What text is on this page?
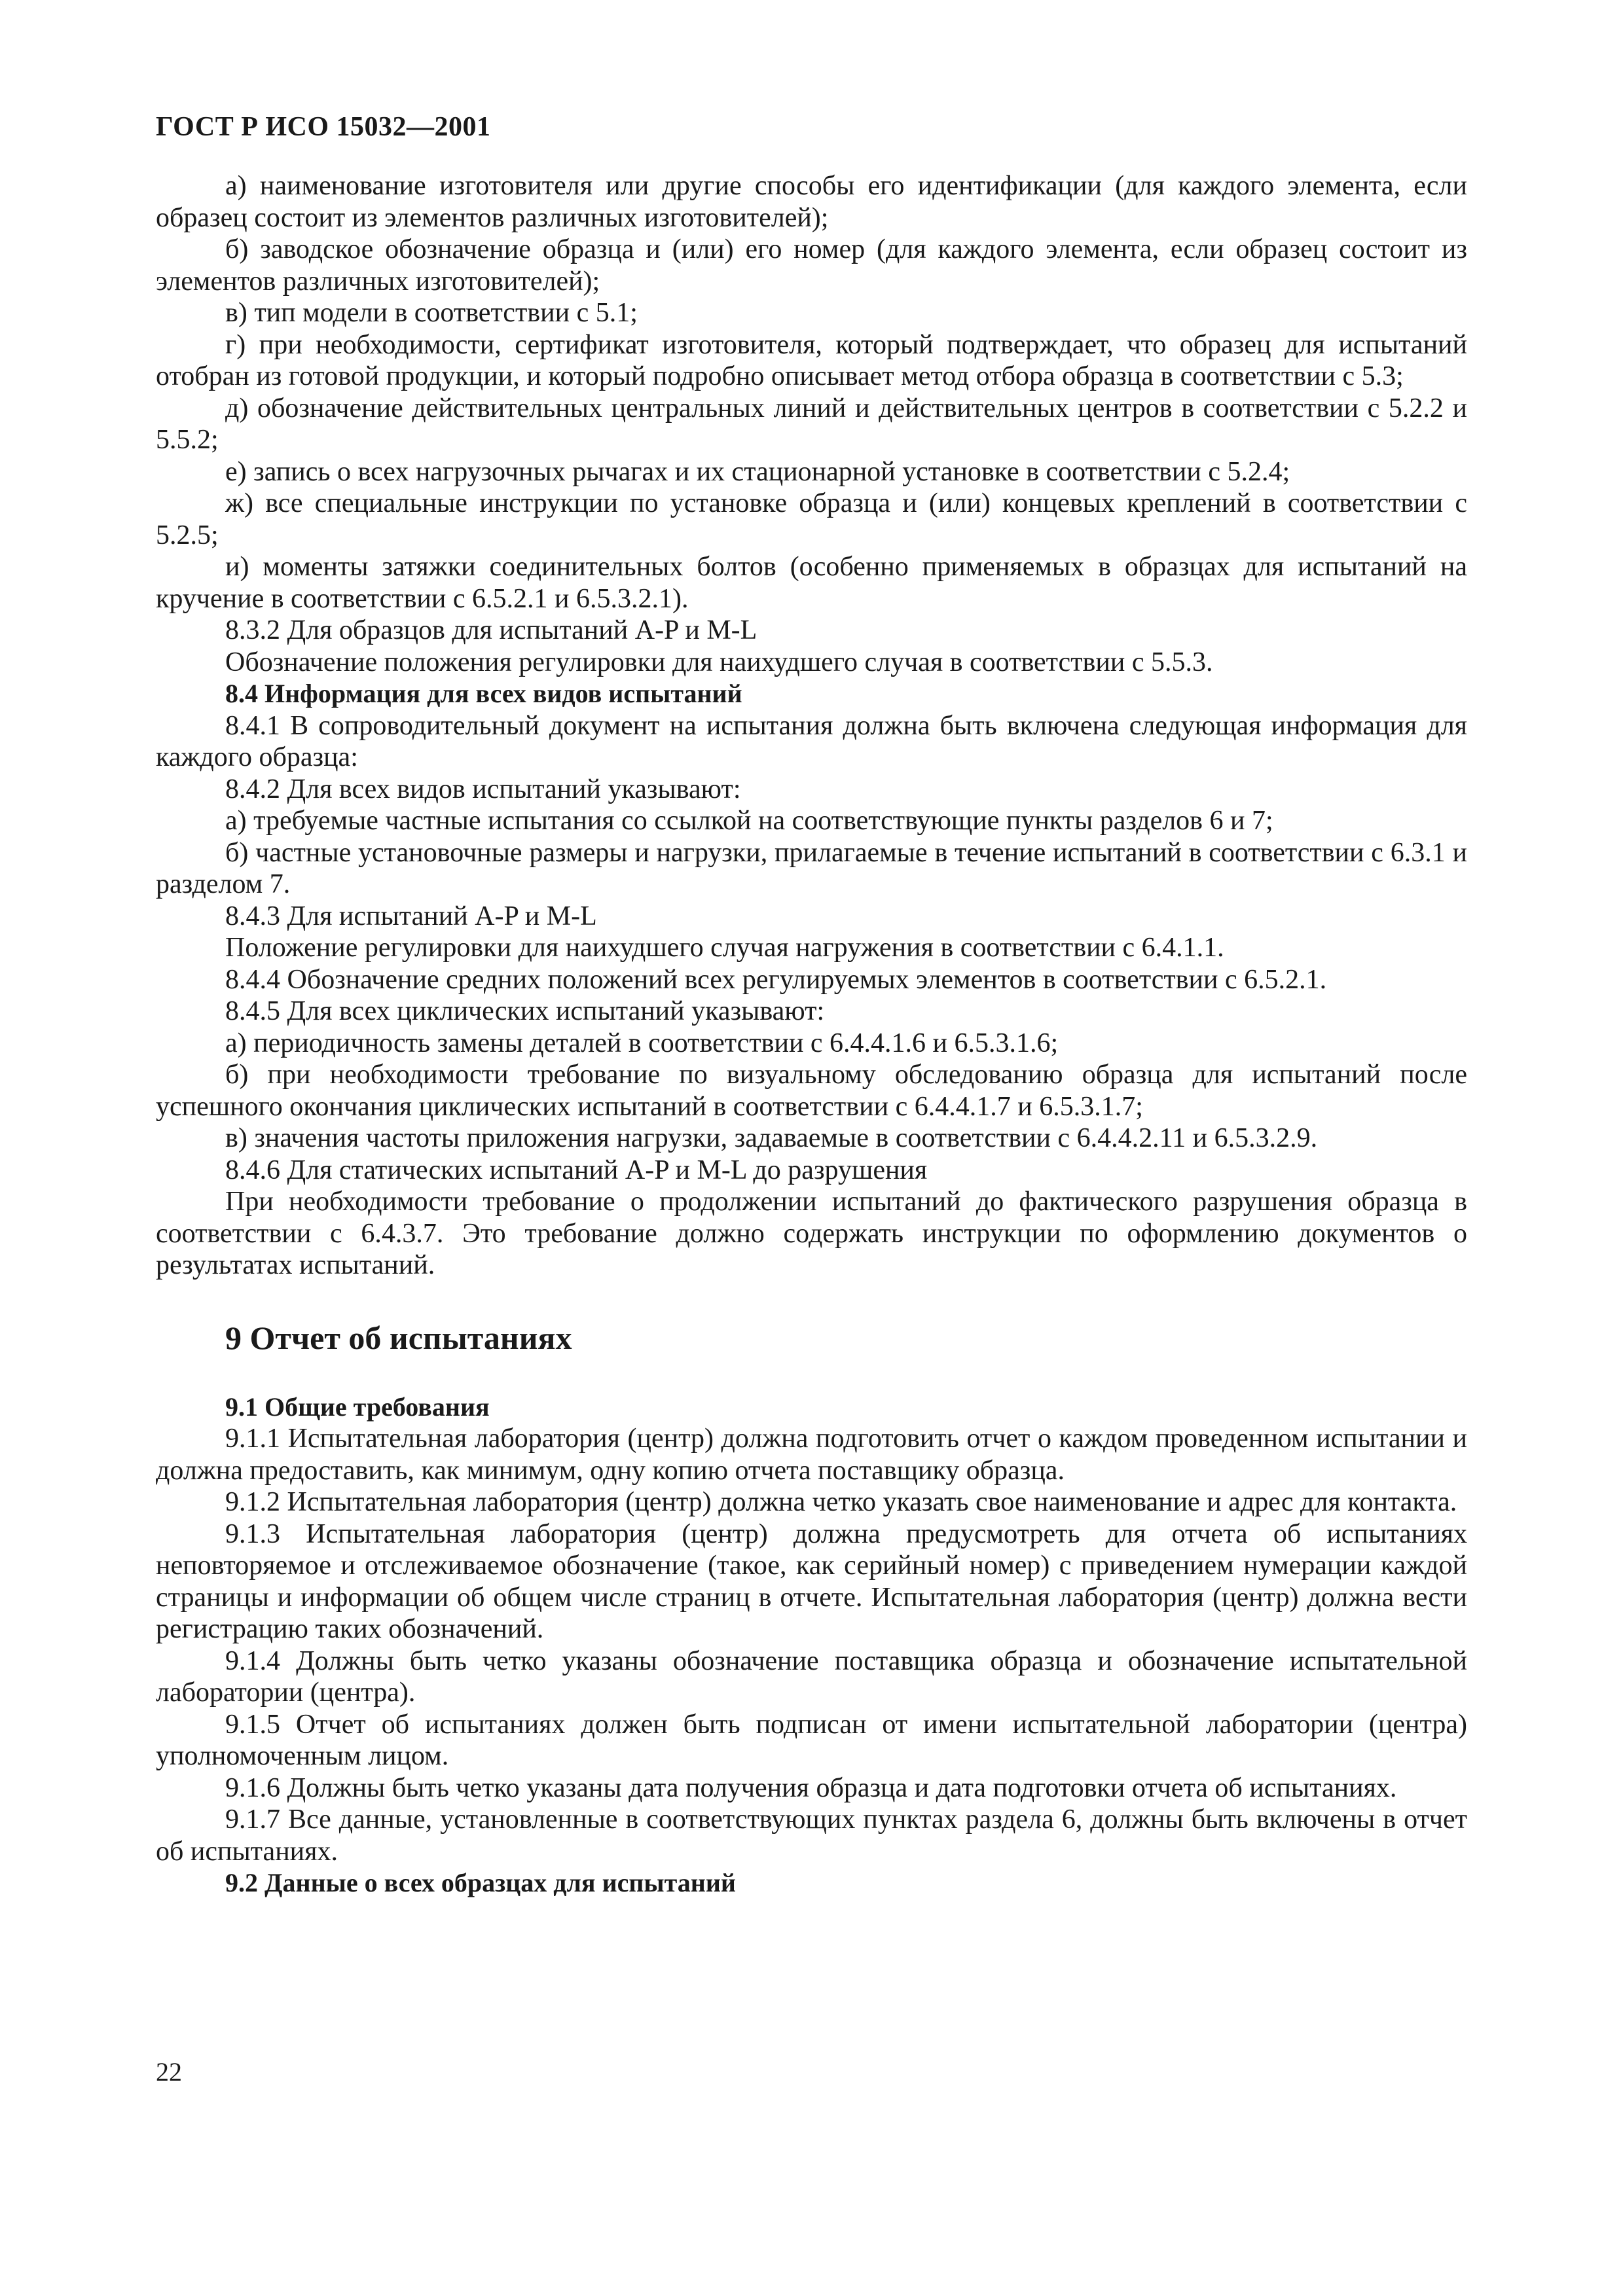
ГОСТ Р ИСО 15032—2001

а) наименование изготовителя или другие способы его идентификации (для каждого элемента, если образец состоит из элементов различных изготовителей);

б) заводское обозначение образца и (или) его номер (для каждого элемента, если образец состоит из элементов различных изготовителей);

в) тип модели в соответствии с 5.1;

г) при необходимости, сертификат изготовителя, который подтверждает, что образец для испытаний отобран из готовой продукции, и который подробно описывает метод отбора образца в соответствии с 5.3;

д) обозначение действительных центральных линий и действительных центров в соответствии с 5.2.2 и 5.5.2;

е) запись о всех нагрузочных рычагах и их стационарной установке в соответствии с 5.2.4;

ж) все специальные инструкции по установке образца и (или) концевых креплений в соответствии с 5.2.5;

и) моменты затяжки соединительных болтов (особенно применяемых в образцах для испытаний на кручение в соответствии с 6.5.2.1 и 6.5.3.2.1).

8.3.2 Для образцов для испытаний A-P и M-L

Обозначение положения регулировки для наихудшего случая в соответствии с 5.5.3.

8.4 Информация для всех видов испытаний

8.4.1 В сопроводительный документ на испытания должна быть включена следующая информация для каждого образца:

8.4.2 Для всех видов испытаний указывают:

а) требуемые частные испытания со ссылкой на соответствующие пункты разделов 6 и 7;

б) частные установочные размеры и нагрузки, прилагаемые в течение испытаний в соответствии с 6.3.1 и разделом 7.

8.4.3 Для испытаний A-P и M-L

Положение регулировки для наихудшего случая нагружения в соответствии с 6.4.1.1.

8.4.4 Обозначение средних положений всех регулируемых элементов в соответствии с 6.5.2.1.

8.4.5 Для всех циклических испытаний указывают:

а) периодичность замены деталей в соответствии с 6.4.4.1.6 и 6.5.3.1.6;

б) при необходимости требование по визуальному обследованию образца для испытаний после успешного окончания циклических испытаний в соответствии с 6.4.4.1.7 и 6.5.3.1.7;

в) значения частоты приложения нагрузки, задаваемые в соответствии с 6.4.4.2.11 и 6.5.3.2.9.

8.4.6 Для статических испытаний A-P и M-L до разрушения

При необходимости требование о продолжении испытаний до фактического разрушения образца в соответствии с 6.4.3.7. Это требование должно содержать инструкции по оформлению документов о результатах испытаний.

9 Отчет об испытаниях

9.1 Общие требования

9.1.1 Испытательная лаборатория (центр) должна подготовить отчет о каждом проведенном испытании и должна предоставить, как минимум, одну копию отчета поставщику образца.

9.1.2 Испытательная лаборатория (центр) должна четко указать свое наименование и адрес для контакта.

9.1.3 Испытательная лаборатория (центр) должна предусмотреть для отчета об испытаниях неповторяемое и отслеживаемое обозначение (такое, как серийный номер) с приведением нумерации каждой страницы и информации об общем числе страниц в отчете. Испытательная лаборатория (центр) должна вести регистрацию таких обозначений.

9.1.4 Должны быть четко указаны обозначение поставщика образца и обозначение испытательной лаборатории (центра).

9.1.5 Отчет об испытаниях должен быть подписан от имени испытательной лаборатории (центра) уполномоченным лицом.

9.1.6 Должны быть четко указаны дата получения образца и дата подготовки отчета об испытаниях.

9.1.7 Все данные, установленные в соответствующих пунктах раздела 6, должны быть включены в отчет об испытаниях.

9.2 Данные о всех образцах для испытаний

22
